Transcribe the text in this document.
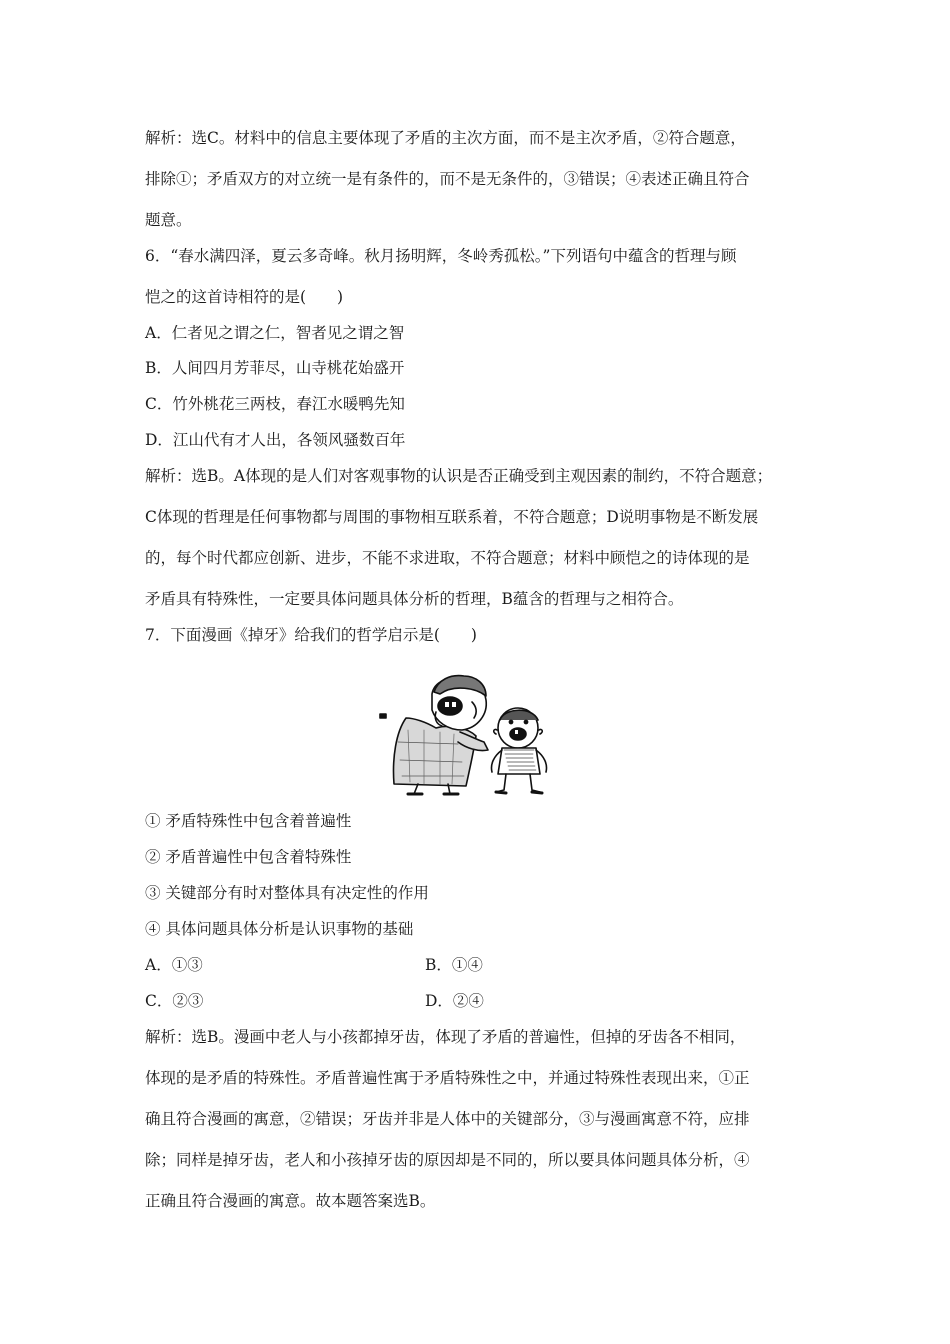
解析：选C。材料中的信息主要体现了矛盾的主次方面，而不是主次矛盾，②符合题意，
排除①；矛盾双方的对立统一是有条件的，而不是无条件的，③错误；④表述正确且符合
题意。
6．“春水满四泽，夏云多奇峰。秋月扬明辉，冬岭秀孤松。”下列语句中蕴含的哲理与顾
恺之的这首诗相符的是(　　)
A．仁者见之谓之仁，智者见之谓之智
B．人间四月芳菲尽，山寺桃花始盛开
C．竹外桃花三两枝，春江水暖鸭先知
D．江山代有才人出，各领风骚数百年
解析：选B。A体现的是人们对客观事物的认识是否正确受到主观因素的制约，不符合题意；
C体现的哲理是任何事物都与周围的事物相互联系着，不符合题意；D说明事物是不断发展
的，每个时代都应创新、进步，不能不求进取，不符合题意；材料中顾恺之的诗体现的是
矛盾具有特殊性，一定要具体问题具体分析的哲理，B蕴含的哲理与之相符合。
7．下面漫画《掉牙》给我们的哲学启示是(　　)
① 矛盾特殊性中包含着普遍性
② 矛盾普遍性中包含着特殊性
③ 关键部分有时对整体具有决定性的作用
④ 具体问题具体分析是认识事物的基础
A．①③	B．①④
C．②③	D．②④
解析：选B。漫画中老人与小孩都掉牙齿，体现了矛盾的普遍性，但掉的牙齿各不相同，
体现的是矛盾的特殊性。矛盾普遍性寓于矛盾特殊性之中，并通过特殊性表现出来，①正
确且符合漫画的寓意，②错误；牙齿并非是人体中的关键部分，③与漫画寓意不符，应排
除；同样是掉牙齿，老人和小孩掉牙齿的原因却是不同的，所以要具体问题具体分析，④
正确且符合漫画的寓意。故本题答案选B。
